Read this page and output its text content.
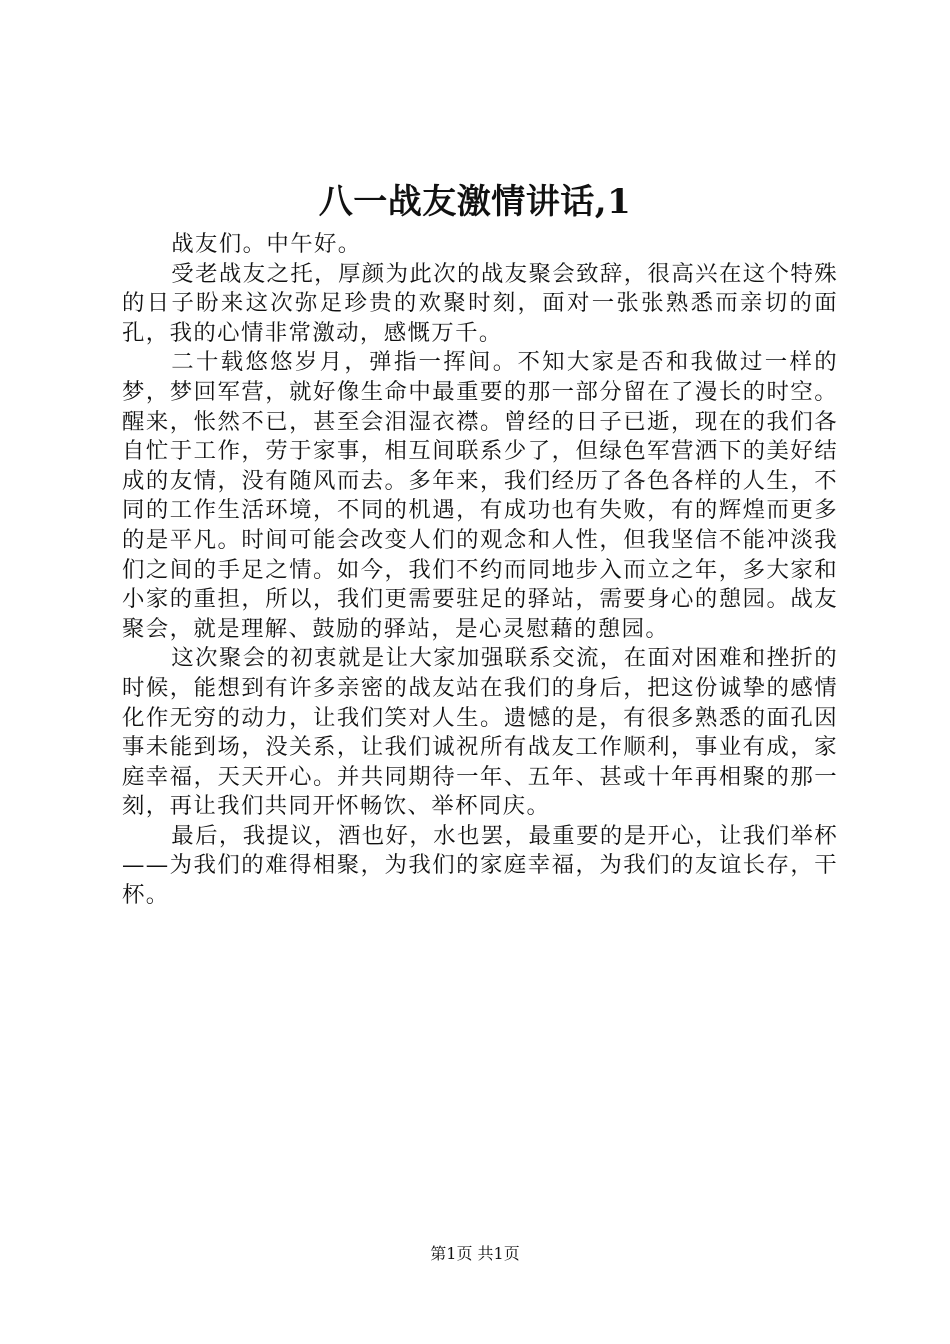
八一战友激情讲话,1

战友们。中午好。

受老战友之托，厚颜为此次的战友聚会致辞，很高兴在这个特殊的日子盼来这次弥足珍贵的欢聚时刻，面对一张张熟悉而亲切的面孔，我的心情非常激动，感慨万千。

二十载悠悠岁月，弹指一挥间。不知大家是否和我做过一样的梦，梦回军营，就好像生命中最重要的那一部分留在了漫长的时空。醒来，怅然不已，甚至会泪湿衣襟。曾经的日子已逝，现在的我们各自忙于工作，劳于家事，相互间联系少了，但绿色军营洒下的美好结成的友情，没有随风而去。多年来，我们经历了各色各样的人生，不同的工作生活环境，不同的机遇，有成功也有失败，有的辉煌而更多的是平凡。时间可能会改变人们的观念和人性，但我坚信不能冲淡我们之间的手足之情。如今，我们不约而同地步入而立之年，多大家和小家的重担，所以，我们更需要驻足的驿站，需要身心的憩园。战友聚会，就是理解、鼓励的驿站，是心灵慰藉的憩园。

这次聚会的初衷就是让大家加强联系交流，在面对困难和挫折的时候，能想到有许多亲密的战友站在我们的身后，把这份诚挚的感情化作无穷的动力，让我们笑对人生。遗憾的是，有很多熟悉的面孔因事未能到场，没关系，让我们诚祝所有战友工作顺利，事业有成，家庭幸福，天天开心。并共同期待一年、五年、甚或十年再相聚的那一刻，再让我们共同开怀畅饮、举杯同庆。

最后，我提议，酒也好，水也罢，最重要的是开心，让我们举杯——为我们的难得相聚，为我们的家庭幸福，为我们的友谊长存，干杯。

第1页 共1页
